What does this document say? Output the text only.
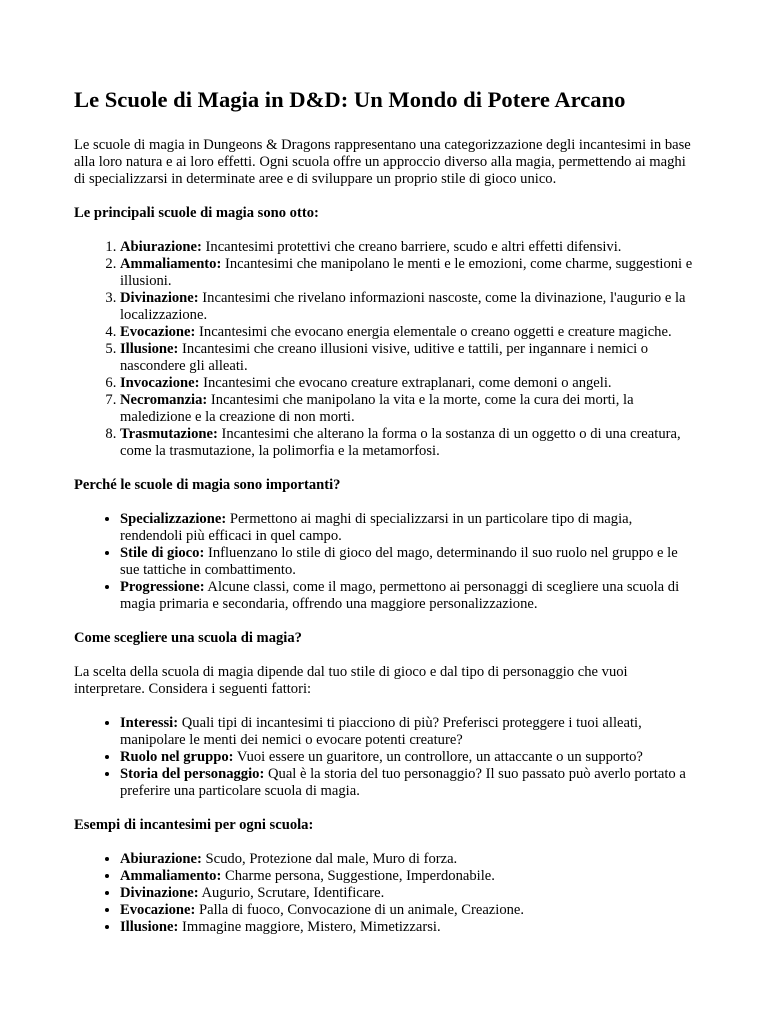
Le Scuole di Magia in D&D: Un Mondo di Potere Arcano

Le scuole di magia in Dungeons & Dragons rappresentano una categorizzazione degli incantesimi in base alla loro natura e ai loro effetti. Ogni scuola offre un approccio diverso alla magia, permettendo ai maghi di specializzarsi in determinate aree e di sviluppare un proprio stile di gioco unico.

Le principali scuole di magia sono otto:

1. Abiurazione: Incantesimi protettivi che creano barriere, scudo e altri effetti difensivi.
2. Ammaliamento: Incantesimi che manipolano le menti e le emozioni, come charme, suggestioni e illusioni.
3. Divinazione: Incantesimi che rivelano informazioni nascoste, come la divinazione, l'augurio e la localizzazione.
4. Evocazione: Incantesimi che evocano energia elementale o creano oggetti e creature magiche.
5. Illusione: Incantesimi che creano illusioni visive, uditive e tattili, per ingannare i nemici o nascondere gli alleati.
6. Invocazione: Incantesimi che evocano creature extraplanari, come demoni o angeli.
7. Necromanzia: Incantesimi che manipolano la vita e la morte, come la cura dei morti, la maledizione e la creazione di non morti.
8. Trasmutazione: Incantesimi che alterano la forma o la sostanza di un oggetto o di una creatura, come la trasmutazione, la polimorfia e la metamorfosi.

Perché le scuole di magia sono importanti?

• Specializzazione: Permettono ai maghi di specializzarsi in un particolare tipo di magia, rendendoli più efficaci in quel campo.
• Stile di gioco: Influenzano lo stile di gioco del mago, determinando il suo ruolo nel gruppo e le sue tattiche in combattimento.
• Progressione: Alcune classi, come il mago, permettono ai personaggi di scegliere una scuola di magia primaria e secondaria, offrendo una maggiore personalizzazione.

Come scegliere una scuola di magia?

La scelta della scuola di magia dipende dal tuo stile di gioco e dal tipo di personaggio che vuoi interpretare. Considera i seguenti fattori:

• Interessi: Quali tipi di incantesimi ti piacciono di più? Preferisci proteggere i tuoi alleati, manipolare le menti dei nemici o evocare potenti creature?
• Ruolo nel gruppo: Vuoi essere un guaritore, un controllore, un attaccante o un supporto?
• Storia del personaggio: Qual è la storia del tuo personaggio? Il suo passato può averlo portato a preferire una particolare scuola di magia.

Esempi di incantesimi per ogni scuola:

• Abiurazione: Scudo, Protezione dal male, Muro di forza.
• Ammaliamento: Charme persona, Suggestione, Imperdonabile.
• Divinazione: Augurio, Scrutare, Identificare.
• Evocazione: Palla di fuoco, Convocazione di un animale, Creazione.
• Illusione: Immagine maggiore, Mistero, Mimetizzarsi.
